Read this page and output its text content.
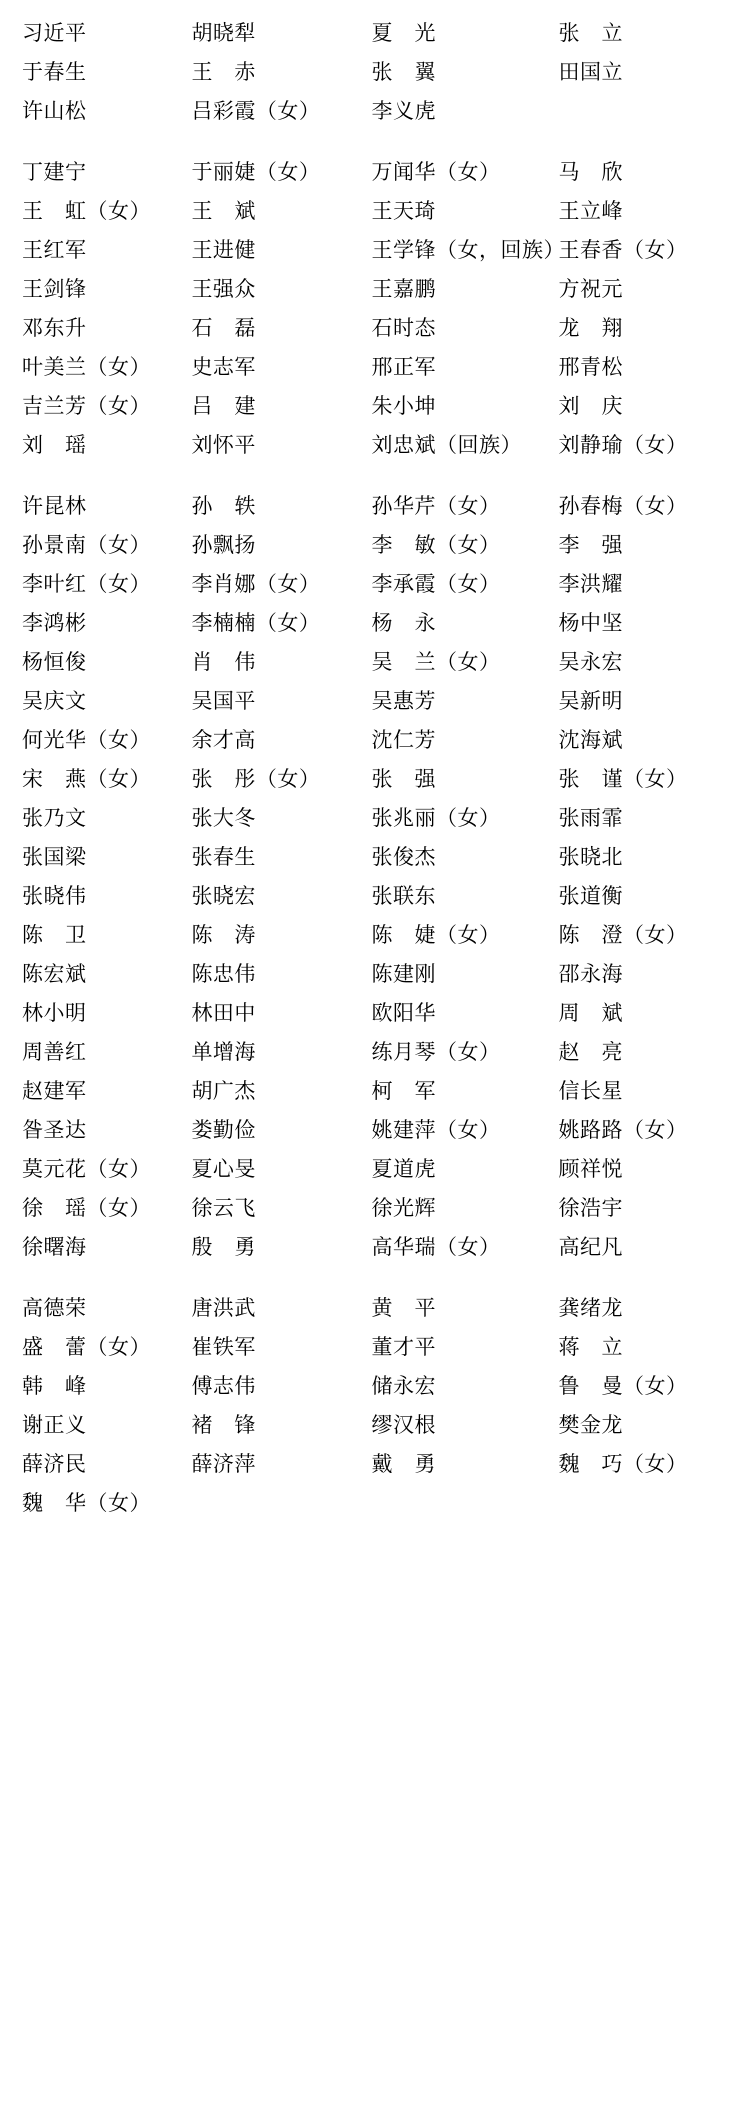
习近平	胡晓犁	夏　光	张　立
于春生	王　赤	张　翼	田国立
许山松	吕彩霞（女）	李义虎	

丁建宁	于丽婕（女）	万闻华（女）	马　欣
王　虹（女）	王　斌	王天琦	王立峰
王红军	王进健	王学锋（女，回族）	王春香（女）
王剑锋	王强众	王嘉鹏	方祝元
邓东升	石　磊	石时态	龙　翔
叶美兰（女）	史志军	邢正军	邢青松
吉兰芳（女）	吕　建	朱小坤	刘　庆
刘　瑶	刘怀平	刘忠斌（回族）	刘静瑜（女）

许昆林	孙　轶	孙华芹（女）	孙春梅（女）
孙景南（女）	孙飘扬	李　敏（女）	李　强
李叶红（女）	李肖娜（女）	李承霞（女）	李洪耀
李鸿彬	李楠楠（女）	杨　永	杨中坚
杨恒俊	肖　伟	吴　兰（女）	吴永宏
吴庆文	吴国平	吴惠芳	吴新明
何光华（女）	余才高	沈仁芳	沈海斌
宋　燕（女）	张　彤（女）	张　强	张　谨（女）
张乃文	张大冬	张兆丽（女）	张雨霏
张国梁	张春生	张俊杰	张晓北
张晓伟	张晓宏	张联东	张道衡
陈　卫	陈　涛	陈　婕（女）	陈　澄（女）
陈宏斌	陈忠伟	陈建刚	邵永海
林小明	林田中	欧阳华	周　斌
周善红	单增海	练月琴（女）	赵　亮
赵建军	胡广杰	柯　军	信长星
昝圣达	娄勤俭	姚建萍（女）	姚路路（女）
莫元花（女）	夏心旻	夏道虎	顾祥悦
徐　瑶（女）	徐云飞	徐光辉	徐浩宇
徐曙海	殷　勇	高华瑞（女）	高纪凡

高德荣	唐洪武	黄　平	龚绪龙
盛　蕾（女）	崔铁军	董才平	蒋　立
韩　峰	傅志伟	储永宏	鲁　曼（女）
谢正义	褚　锋	缪汉根	樊金龙
薛济民	薛济萍	戴　勇	魏　巧（女）
魏　华（女）			
